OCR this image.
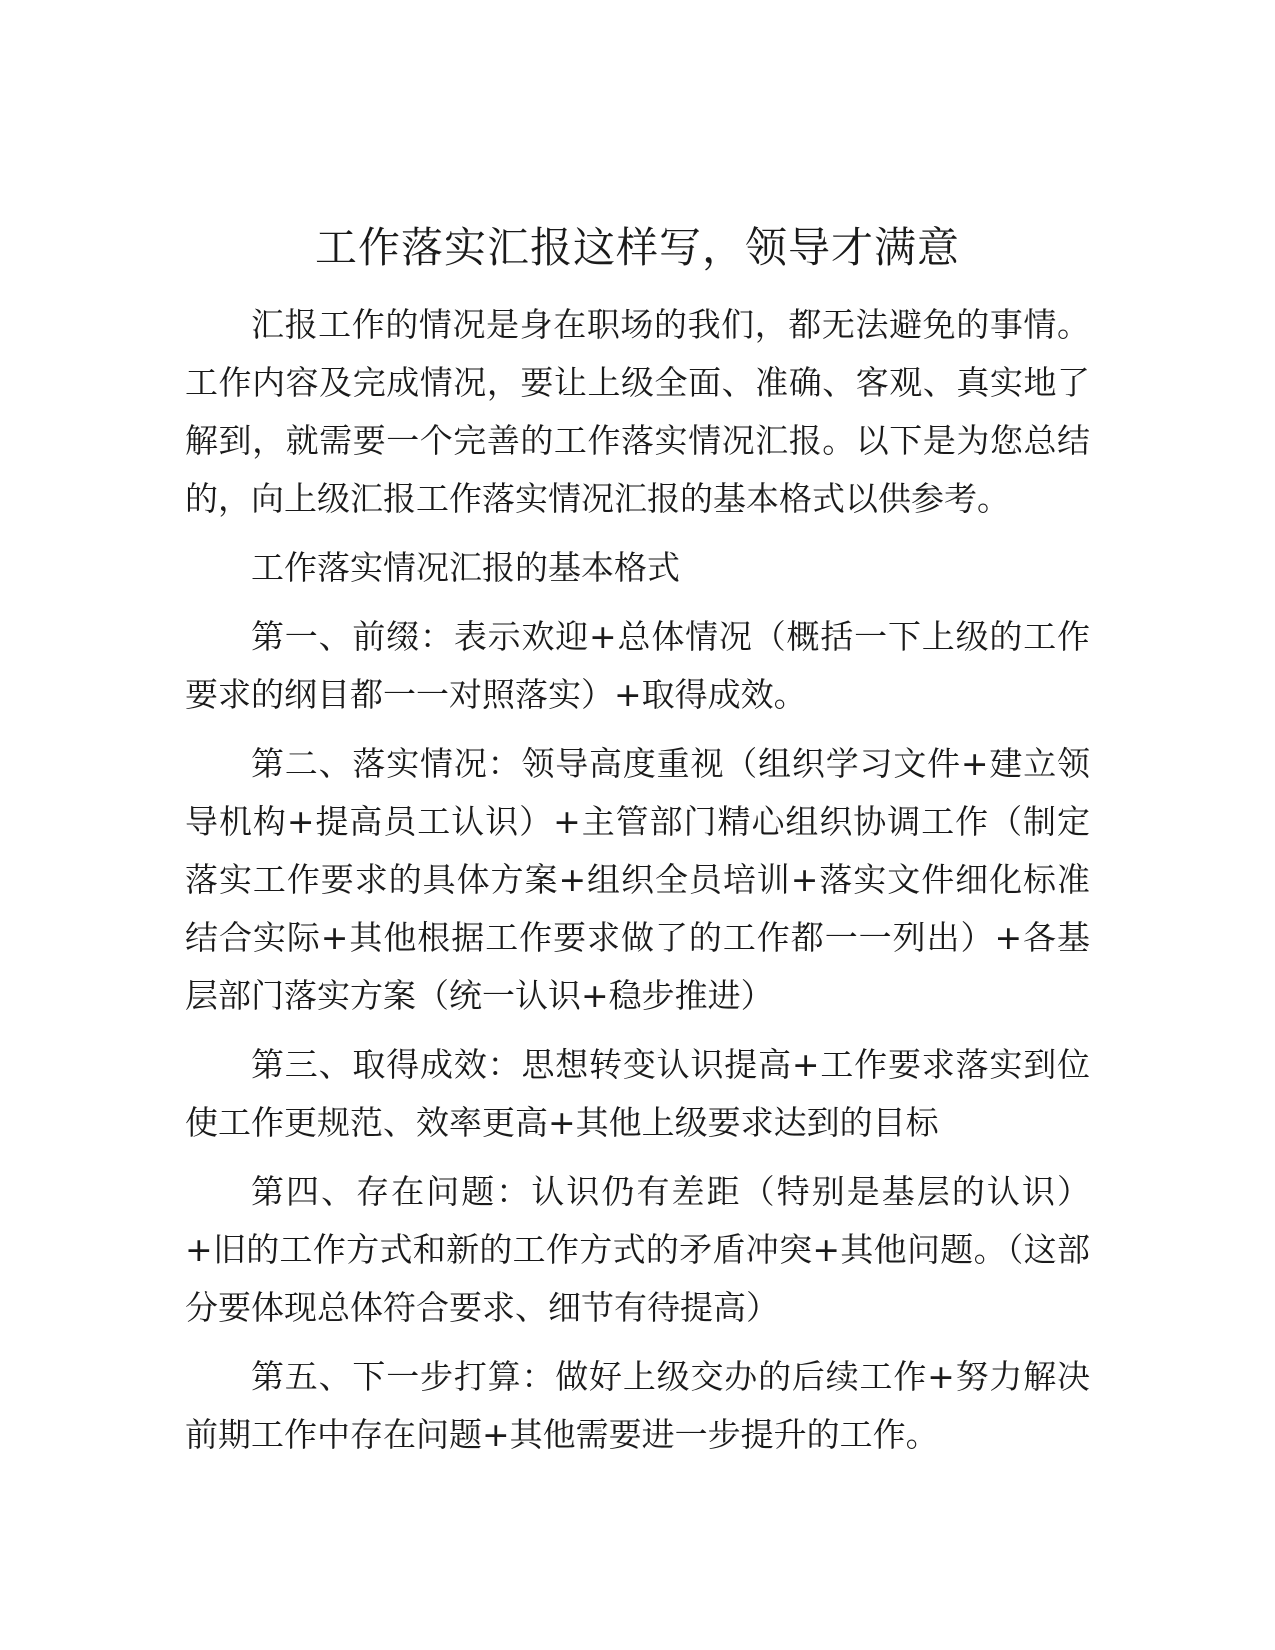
工作落实汇报这样写，领导才满意

汇报工作的情况是身在职场的我们，都无法避免的事情。工作内容及完成情况，要让上级全面、准确、客观、真实地了解到，就需要一个完善的工作落实情况汇报。以下是为您总结的，向上级汇报工作落实情况汇报的基本格式以供参考。

工作落实情况汇报的基本格式

第一、前缀：表示欢迎+总体情况（概括一下上级的工作要求的纲目都一一对照落实）+取得成效。

第二、落实情况：领导高度重视（组织学习文件+建立领导机构+提高员工认识）+主管部门精心组织协调工作（制定落实工作要求的具体方案+组织全员培训+落实文件细化标准结合实际+其他根据工作要求做了的工作都一一列出）+各基层部门落实方案（统一认识+稳步推进）

第三、取得成效：思想转变认识提高+工作要求落实到位使工作更规范、效率更高+其他上级要求达到的目标

第四、存在问题：认识仍有差距（特别是基层的认识）+旧的工作方式和新的工作方式的矛盾冲突+其他问题。（这部分要体现总体符合要求、细节有待提高）

第五、下一步打算：做好上级交办的后续工作+努力解决前期工作中存在问题+其他需要进一步提升的工作。
